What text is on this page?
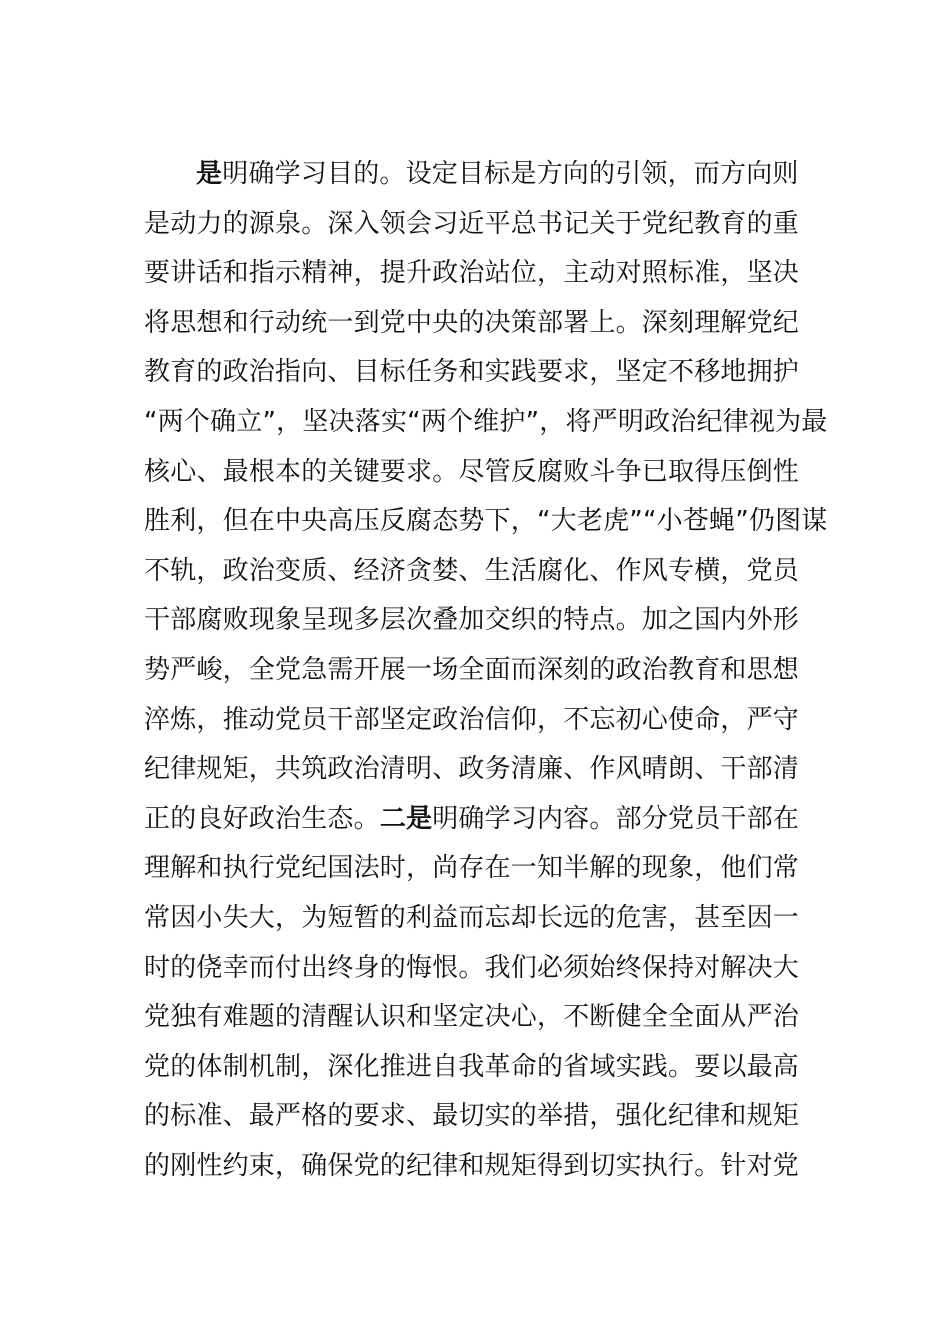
是明确学习目的。设定目标是方向的引领，而方向则
是动力的源泉。深入领会习近平总书记关于党纪教育的重
要讲话和指示精神，提升政治站位，主动对照标准，坚决
将思想和行动统一到党中央的决策部署上。深刻理解党纪
教育的政治指向、目标任务和实践要求，坚定不移地拥护
“两个确立”，坚决落实“两个维护”，将严明政治纪律视为最
核心、最根本的关键要求。尽管反腐败斗争已取得压倒性
胜利，但在中央高压反腐态势下，“大老虎”“小苍蝇”仍图谋
不轨，政治变质、经济贪婪、生活腐化、作风专横，党员
干部腐败现象呈现多层次叠加交织的特点。加之国内外形
势严峻，全党急需开展一场全面而深刻的政治教育和思想
淬炼，推动党员干部坚定政治信仰，不忘初心使命，严守
纪律规矩，共筑政治清明、政务清廉、作风晴朗、干部清
正的良好政治生态。二是明确学习内容。部分党员干部在
理解和执行党纪国法时，尚存在一知半解的现象，他们常
常因小失大，为短暂的利益而忘却长远的危害，甚至因一
时的侥幸而付出终身的悔恨。我们必须始终保持对解决大
党独有难题的清醒认识和坚定决心，不断健全全面从严治
党的体制机制，深化推进自我革命的省域实践。要以最高
的标准、最严格的要求、最切实的举措，强化纪律和规矩
的刚性约束，确保党的纪律和规矩得到切实执行。针对党
